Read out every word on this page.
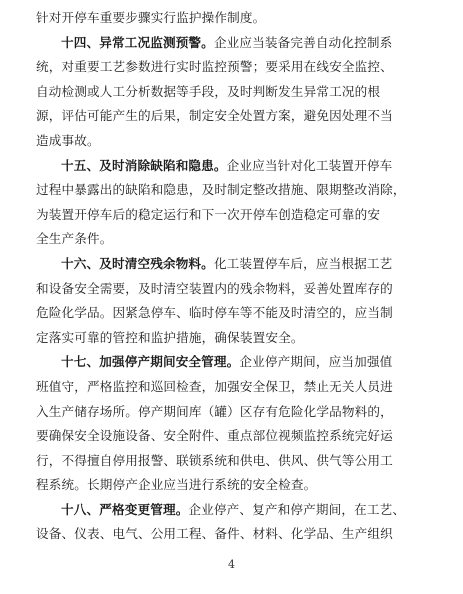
针对开停车重要步骤实行监护操作制度。
十四、异常工况监测预警。企业应当装备完善自动化控制系
统，对重要工艺参数进行实时监控预警；要采用在线安全监控、
自动检测或人工分析数据等手段，及时判断发生异常工况的根
源，评估可能产生的后果，制定安全处置方案，避免因处理不当
造成事故。
十五、及时消除缺陷和隐患。企业应当针对化工装置开停车
过程中暴露出的缺陷和隐患，及时制定整改措施、限期整改消除，
为装置开停车后的稳定运行和下一次开停车创造稳定可靠的安
全生产条件。
十六、及时清空残余物料。化工装置停车后，应当根据工艺
和设备安全需要，及时清空装置内的残余物料，妥善处置库存的
危险化学品。因紧急停车、临时停车等不能及时清空的，应当制
定落实可靠的管控和监护措施，确保装置安全。
十七、加强停产期间安全管理。企业停产期间，应当加强值
班值守，严格监控和巡回检查，加强安全保卫，禁止无关人员进
入生产储存场所。停产期间库（罐）区存有危险化学品物料的，
要确保安全设施设备、安全附件、重点部位视频监控系统完好运
行，不得擅自停用报警、联锁系统和供电、供风、供气等公用工
程系统。长期停产企业应当进行系统的安全检查。
十八、严格变更管理。企业停产、复产和停产期间，在工艺、
设备、仪表、电气、公用工程、备件、材料、化学品、生产组织
4
